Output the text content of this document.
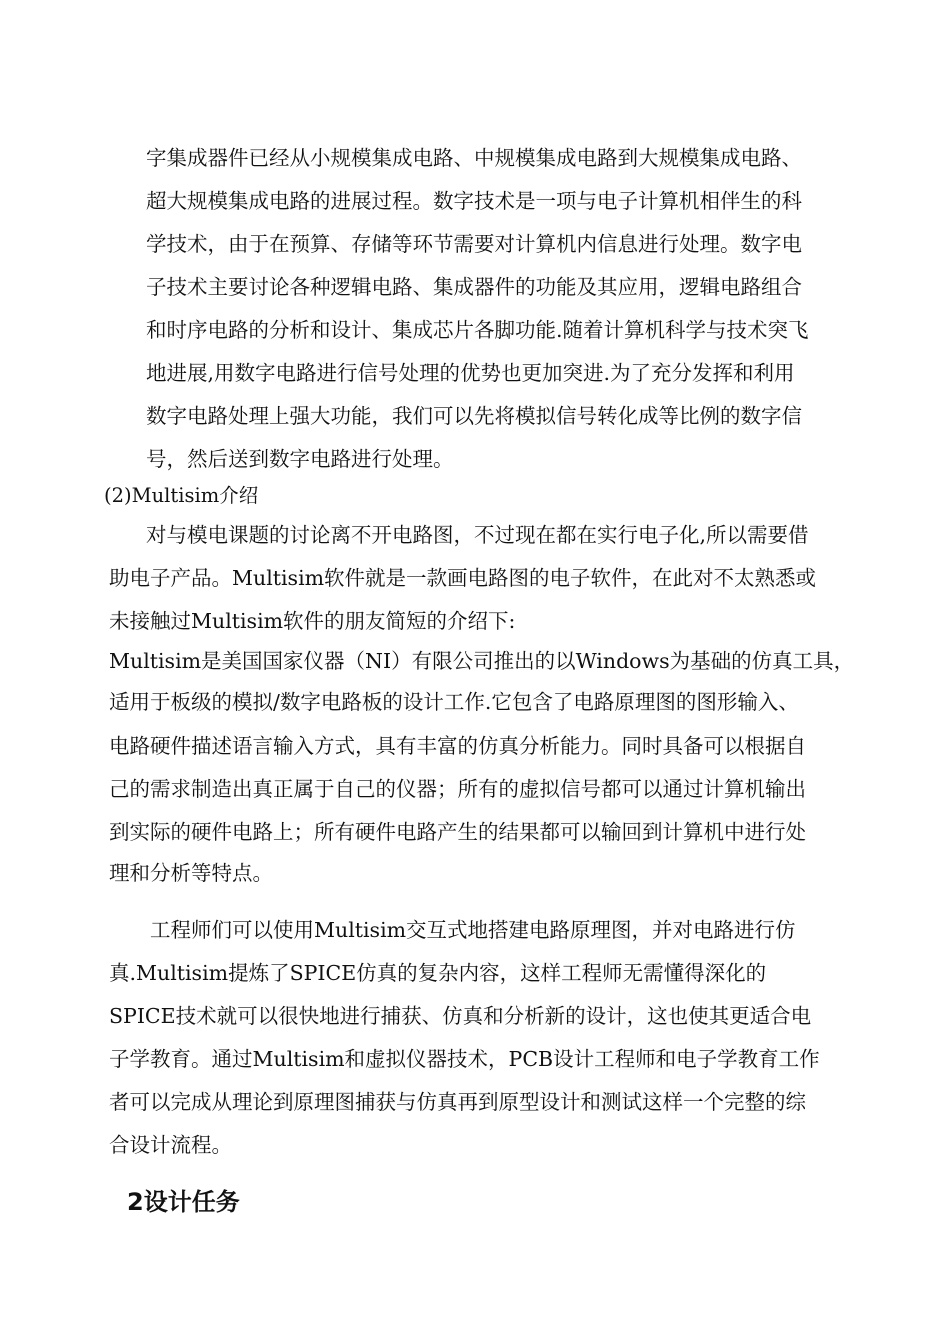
字集成器件已经从小规模集成电路、中规模集成电路到大规模集成电路、
超大规模集成电路的进展过程。数字技术是一项与电子计算机相伴生的科
学技术，由于在预算、存储等环节需要对计算机内信息进行处理。数字电
子技术主要讨论各种逻辑电路、集成器件的功能及其应用，逻辑电路组合
和时序电路的分析和设计、集成芯片各脚功能.随着计算机科学与技术突飞
地进展,用数字电路进行信号处理的优势也更加突进.为了充分发挥和利用
数字电路处理上强大功能，我们可以先将模拟信号转化成等比例的数字信
号，然后送到数字电路进行处理。
(2)Multisim介绍
对与模电课题的讨论离不开电路图，不过现在都在实行电子化,所以需要借
助电子产品。Multisim软件就是一款画电路图的电子软件，在此对不太熟悉或
未接触过Multisim软件的朋友简短的介绍下:
Multisim是美国国家仪器（NI）有限公司推出的以Windows为基础的仿真工具，
适用于板级的模拟/数字电路板的设计工作.它包含了电路原理图的图形输入、
电路硬件描述语言输入方式，具有丰富的仿真分析能力。同时具备可以根据自
己的需求制造出真正属于自己的仪器；所有的虚拟信号都可以通过计算机输出
到实际的硬件电路上；所有硬件电路产生的结果都可以输回到计算机中进行处
理和分析等特点。
工程师们可以使用Multisim交互式地搭建电路原理图，并对电路进行仿
真.Multisim提炼了SPICE仿真的复杂内容，这样工程师无需懂得深化的
SPICE技术就可以很快地进行捕获、仿真和分析新的设计，这也使其更适合电
子学教育。通过Multisim和虚拟仪器技术，PCB设计工程师和电子学教育工作
者可以完成从理论到原理图捕获与仿真再到原型设计和测试这样一个完整的综
合设计流程。
2设计任务
